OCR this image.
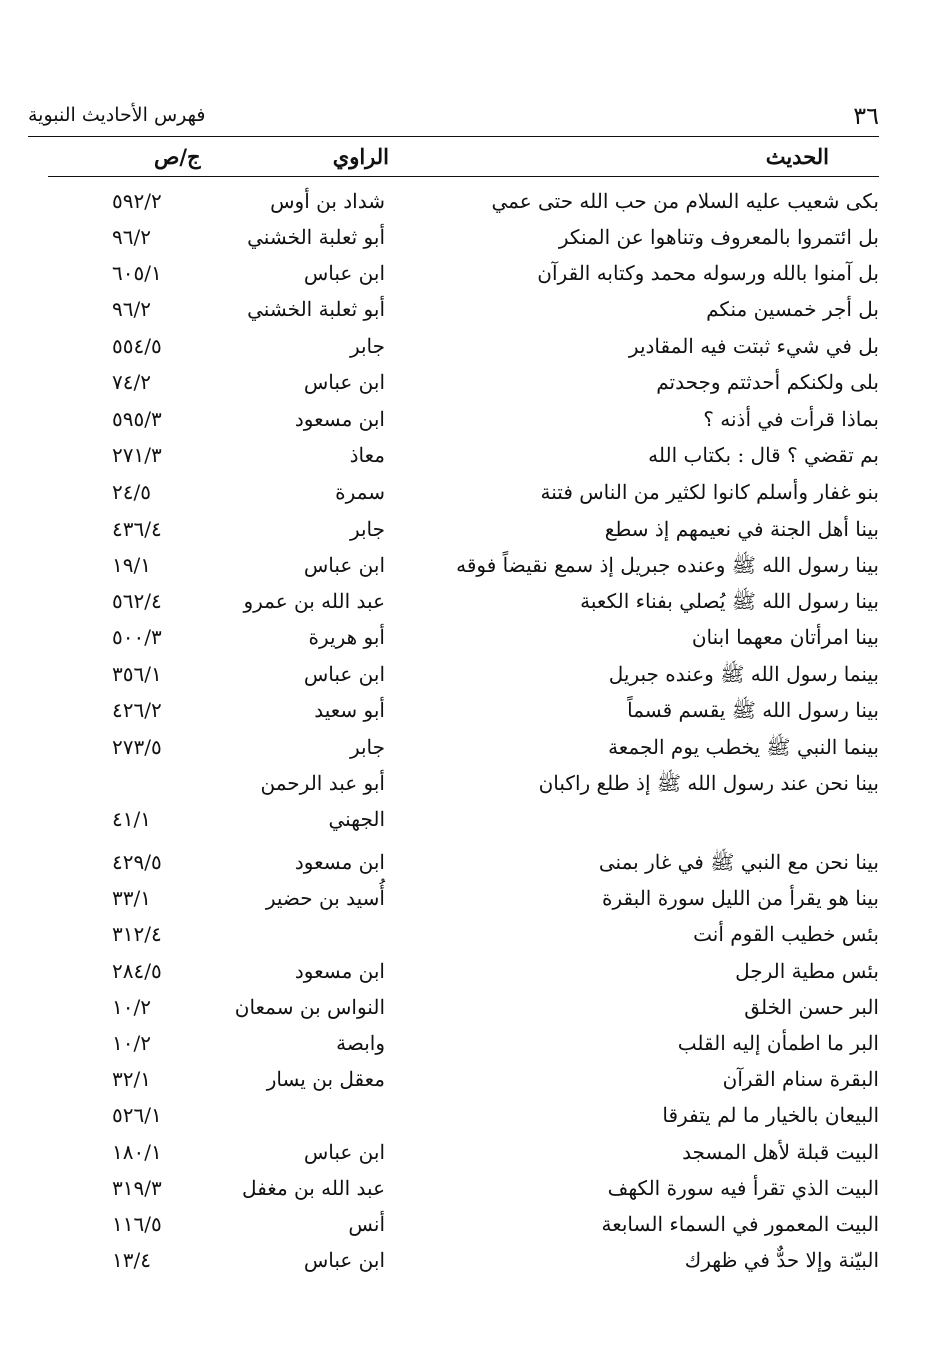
٣٦
فهرس الأحاديث النبوية
الحديث
الراوي
ج/ص
بكى شعيب عليه السلام من حب الله حتى عمي
شداد بن أوس
٥٩٢/٢
بل ائتمروا بالمعروف وتناهوا عن المنكر
أبو ثعلبة الخشني
٩٦/٢
بل آمنوا بالله ورسوله محمد وكتابه القرآن
ابن عباس
٦٠٥/١
بل أجر خمسين منكم
أبو ثعلبة الخشني
٩٦/٢
بل في شيء ثبتت فيه المقادير
جابر
٥٥٤/٥
بلى ولكنكم أحدثتم وجحدتم
ابن عباس
٧٤/٢
بماذا قرأت في أذنه ؟
ابن مسعود
٥٩٥/٣
بم تقضي ؟ قال : بكتاب الله
معاذ
٢٧١/٣
بنو غفار وأسلم كانوا لكثير من الناس فتنة
سمرة
٢٤/٥
بينا أهل الجنة في نعيمهم إذ سطع
جابر
٤٣٦/٤
بينا رسول الله ﷺ وعنده جبريل إذ سمع نقيضاً فوقه
ابن عباس
١٩/١
بينا رسول الله ﷺ يُصلي بفناء الكعبة
عبد الله بن عمرو
٥٦٢/٤
بينا امرأتان معهما ابنان
أبو هريرة
٥٠٠/٣
بينما رسول الله ﷺ وعنده جبريل
ابن عباس
٣٥٦/١
بينا رسول الله ﷺ يقسم قسماً
أبو سعيد
٤٢٦/٢
بينما النبي ﷺ يخطب يوم الجمعة
جابر
٢٧٣/٥
بينا نحن عند رسول الله ﷺ إذ طلع راكبان
أبو عبد الرحمن
الجهني
٤١/١
بينا نحن مع النبي ﷺ في غار بمنى
ابن مسعود
٤٢٩/٥
بينا هو يقرأ من الليل سورة البقرة
أُسيد بن حضير
٣٣/١
بئس خطيب القوم أنت
٣١٢/٤
بئس مطية الرجل
ابن مسعود
٢٨٤/٥
البر حسن الخلق
النواس بن سمعان
١٠/٢
البر ما اطمأن إليه القلب
وابصة
١٠/٢
البقرة سنام القرآن
معقل بن يسار
٣٢/١
البيعان بالخيار ما لم يتفرقا
٥٢٦/١
البيت قبلة لأهل المسجد
ابن عباس
١٨٠/١
البيت الذي تقرأ فيه سورة الكهف
عبد الله بن مغفل
٣١٩/٣
البيت المعمور في السماء السابعة
أنس
١١٦/٥
البيّنة وإلا حدٌّ في ظهرك
ابن عباس
١٣/٤
